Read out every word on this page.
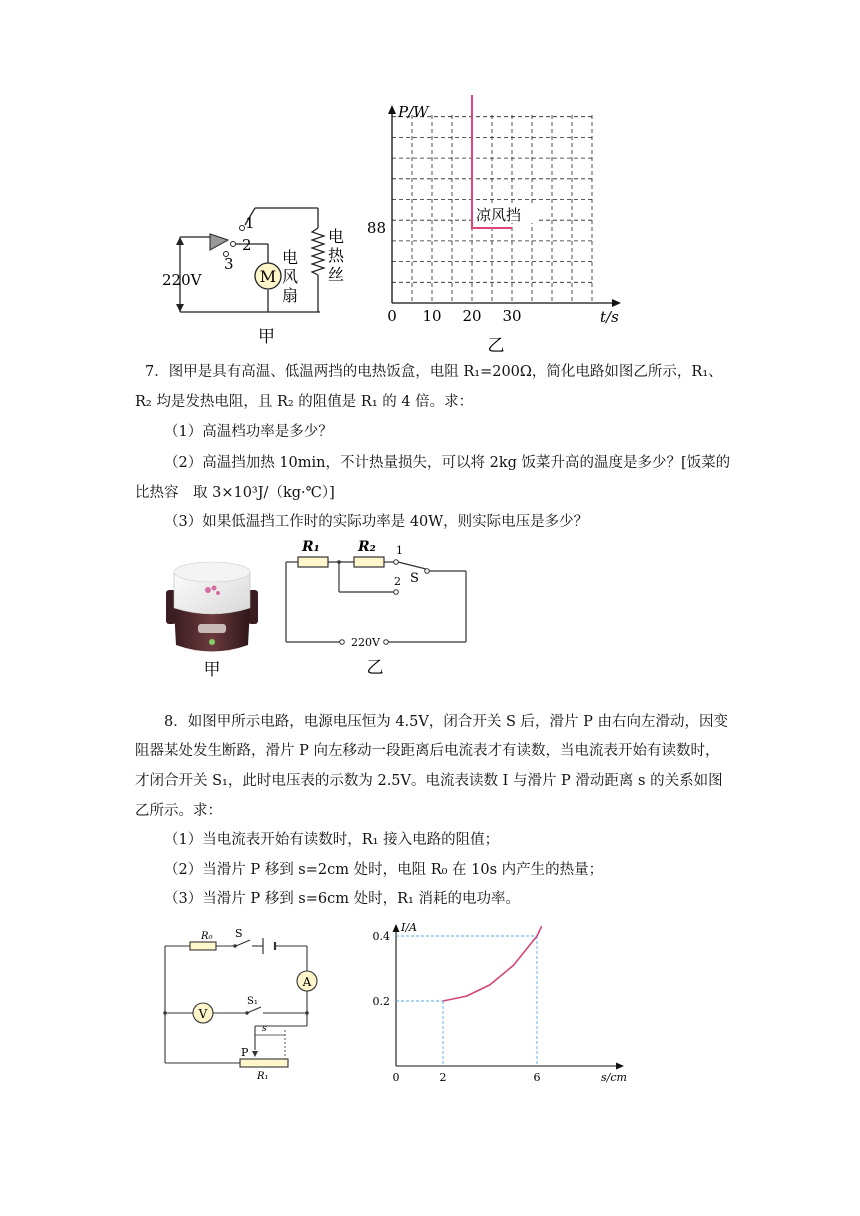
M
1
2
3
220V
电
风
扇
电
热
丝
甲
P/W
t/s
0 10 20 30
88
凉风挡
乙
7．图甲是具有高温、低温两挡的电热饭盒，电阻 R₁=200Ω，简化电路如图乙所示，R₁、
R₂ 均是发热电阻，且 R₂ 的阻值是 R₁ 的 4 倍。求：
（1）高温档功率是多少？
（2）高温挡加热 10min，不计热量损失，可以将 2kg 饭菜升高的温度是多少？[饭菜的
比热容　取 3×10³J/（kg·℃）]
（3）如果低温挡工作时的实际功率是 40W，则实际电压是多少？
甲
R₁	R₂ 1
2 S
220V
乙
8．如图甲所示电路，电源电压恒为 4.5V，闭合开关 S 后，滑片 P 由右向左滑动，因变
阻器某处发生断路，滑片 P 向左移动一段距离后电流表才有读数，当电流表开始有读数时，
才闭合开关 S₁，此时电压表的示数为 2.5V。电流表读数 I 与滑片 P 滑动距离 s 的关系如图
乙所示。求：
（1）当电流表开始有读数时，R₁ 接入电路的阻值；
（2）当滑片 P 移到 s=2cm 处时，电阻 R₀ 在 10s 内产生的热量；
（3）当滑片 P 移到 s=6cm 处时，R₁ 消耗的电功率。
A
V
s
R₀ S
S₁
P
R₁
I/A
s/cm
0	2	6
0.4
0.2
